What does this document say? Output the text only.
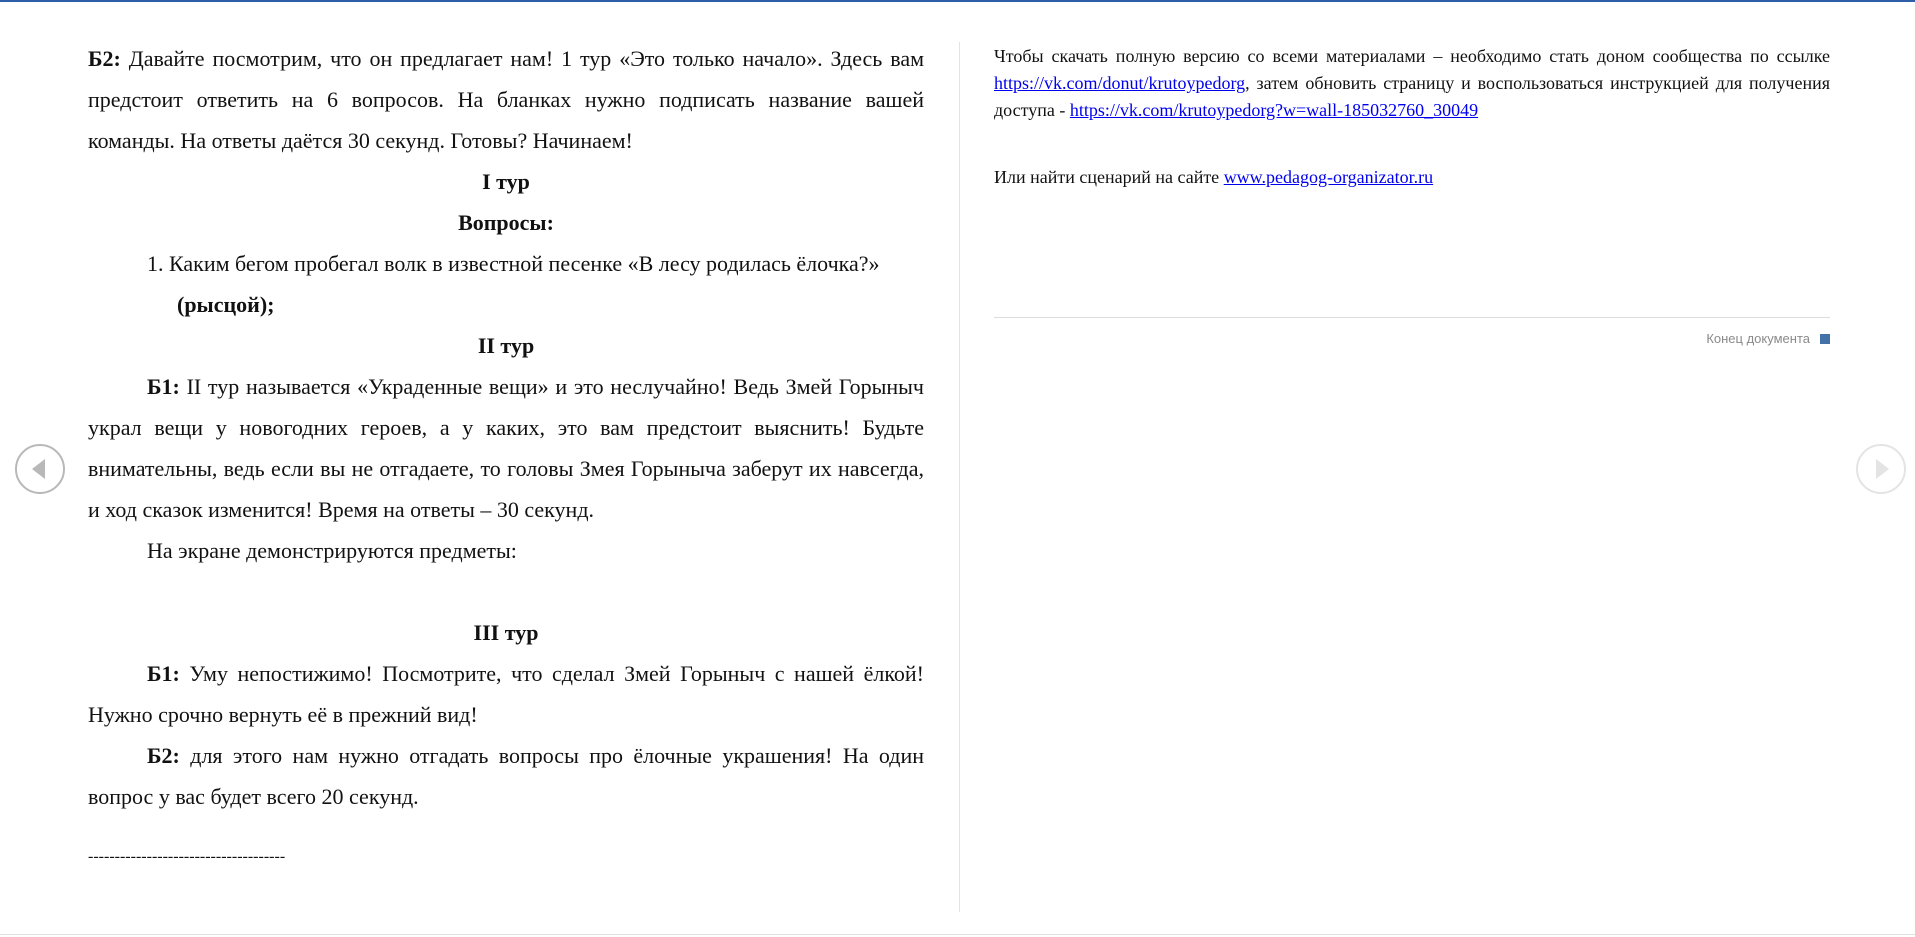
Б2: Давайте посмотрим, что он предлагает нам! 1 тур «Это только начало». Здесь вам предстоит ответить на 6 вопросов. На бланках нужно подписать название вашей команды. На ответы даётся 30 секунд. Готовы? Начинаем!

I тур

Вопросы:

1. Каким бегом пробегал волк в известной песенке «В лесу родилась ёлочка?»

(рысцой);

II тур

Б1: II тур называется «Украденные вещи» и это неслучайно! Ведь Змей Горыныч украл вещи у новогодних героев, а у каких, это вам предстоит выяснить! Будьте внимательны, ведь если вы не отгадаете, то головы Змея Горыныча заберут их навсегда, и ход сказок изменится! Время на ответы – 30 секунд.

На экране демонстрируются предметы:

III тур

Б1: Уму непостижимо! Посмотрите, что сделал Змей Горыныч с нашей ёлкой! Нужно срочно вернуть её в прежний вид!

Б2: для этого нам нужно отгадать вопросы про ёлочные украшения! На один вопрос у вас будет всего 20 секунд.

-------------------------------------

Чтобы скачать полную версию со всеми материалами – необходимо стать доном сообщества по ссылке https://vk.com/donut/krutoypedorg, затем обновить страницу и воспользоваться инструкцией для получения доступа - https://vk.com/krutoypedorg?w=wall-185032760_30049

Или найти сценарий на сайте www.pedagog-organizator.ru

Конец документа
